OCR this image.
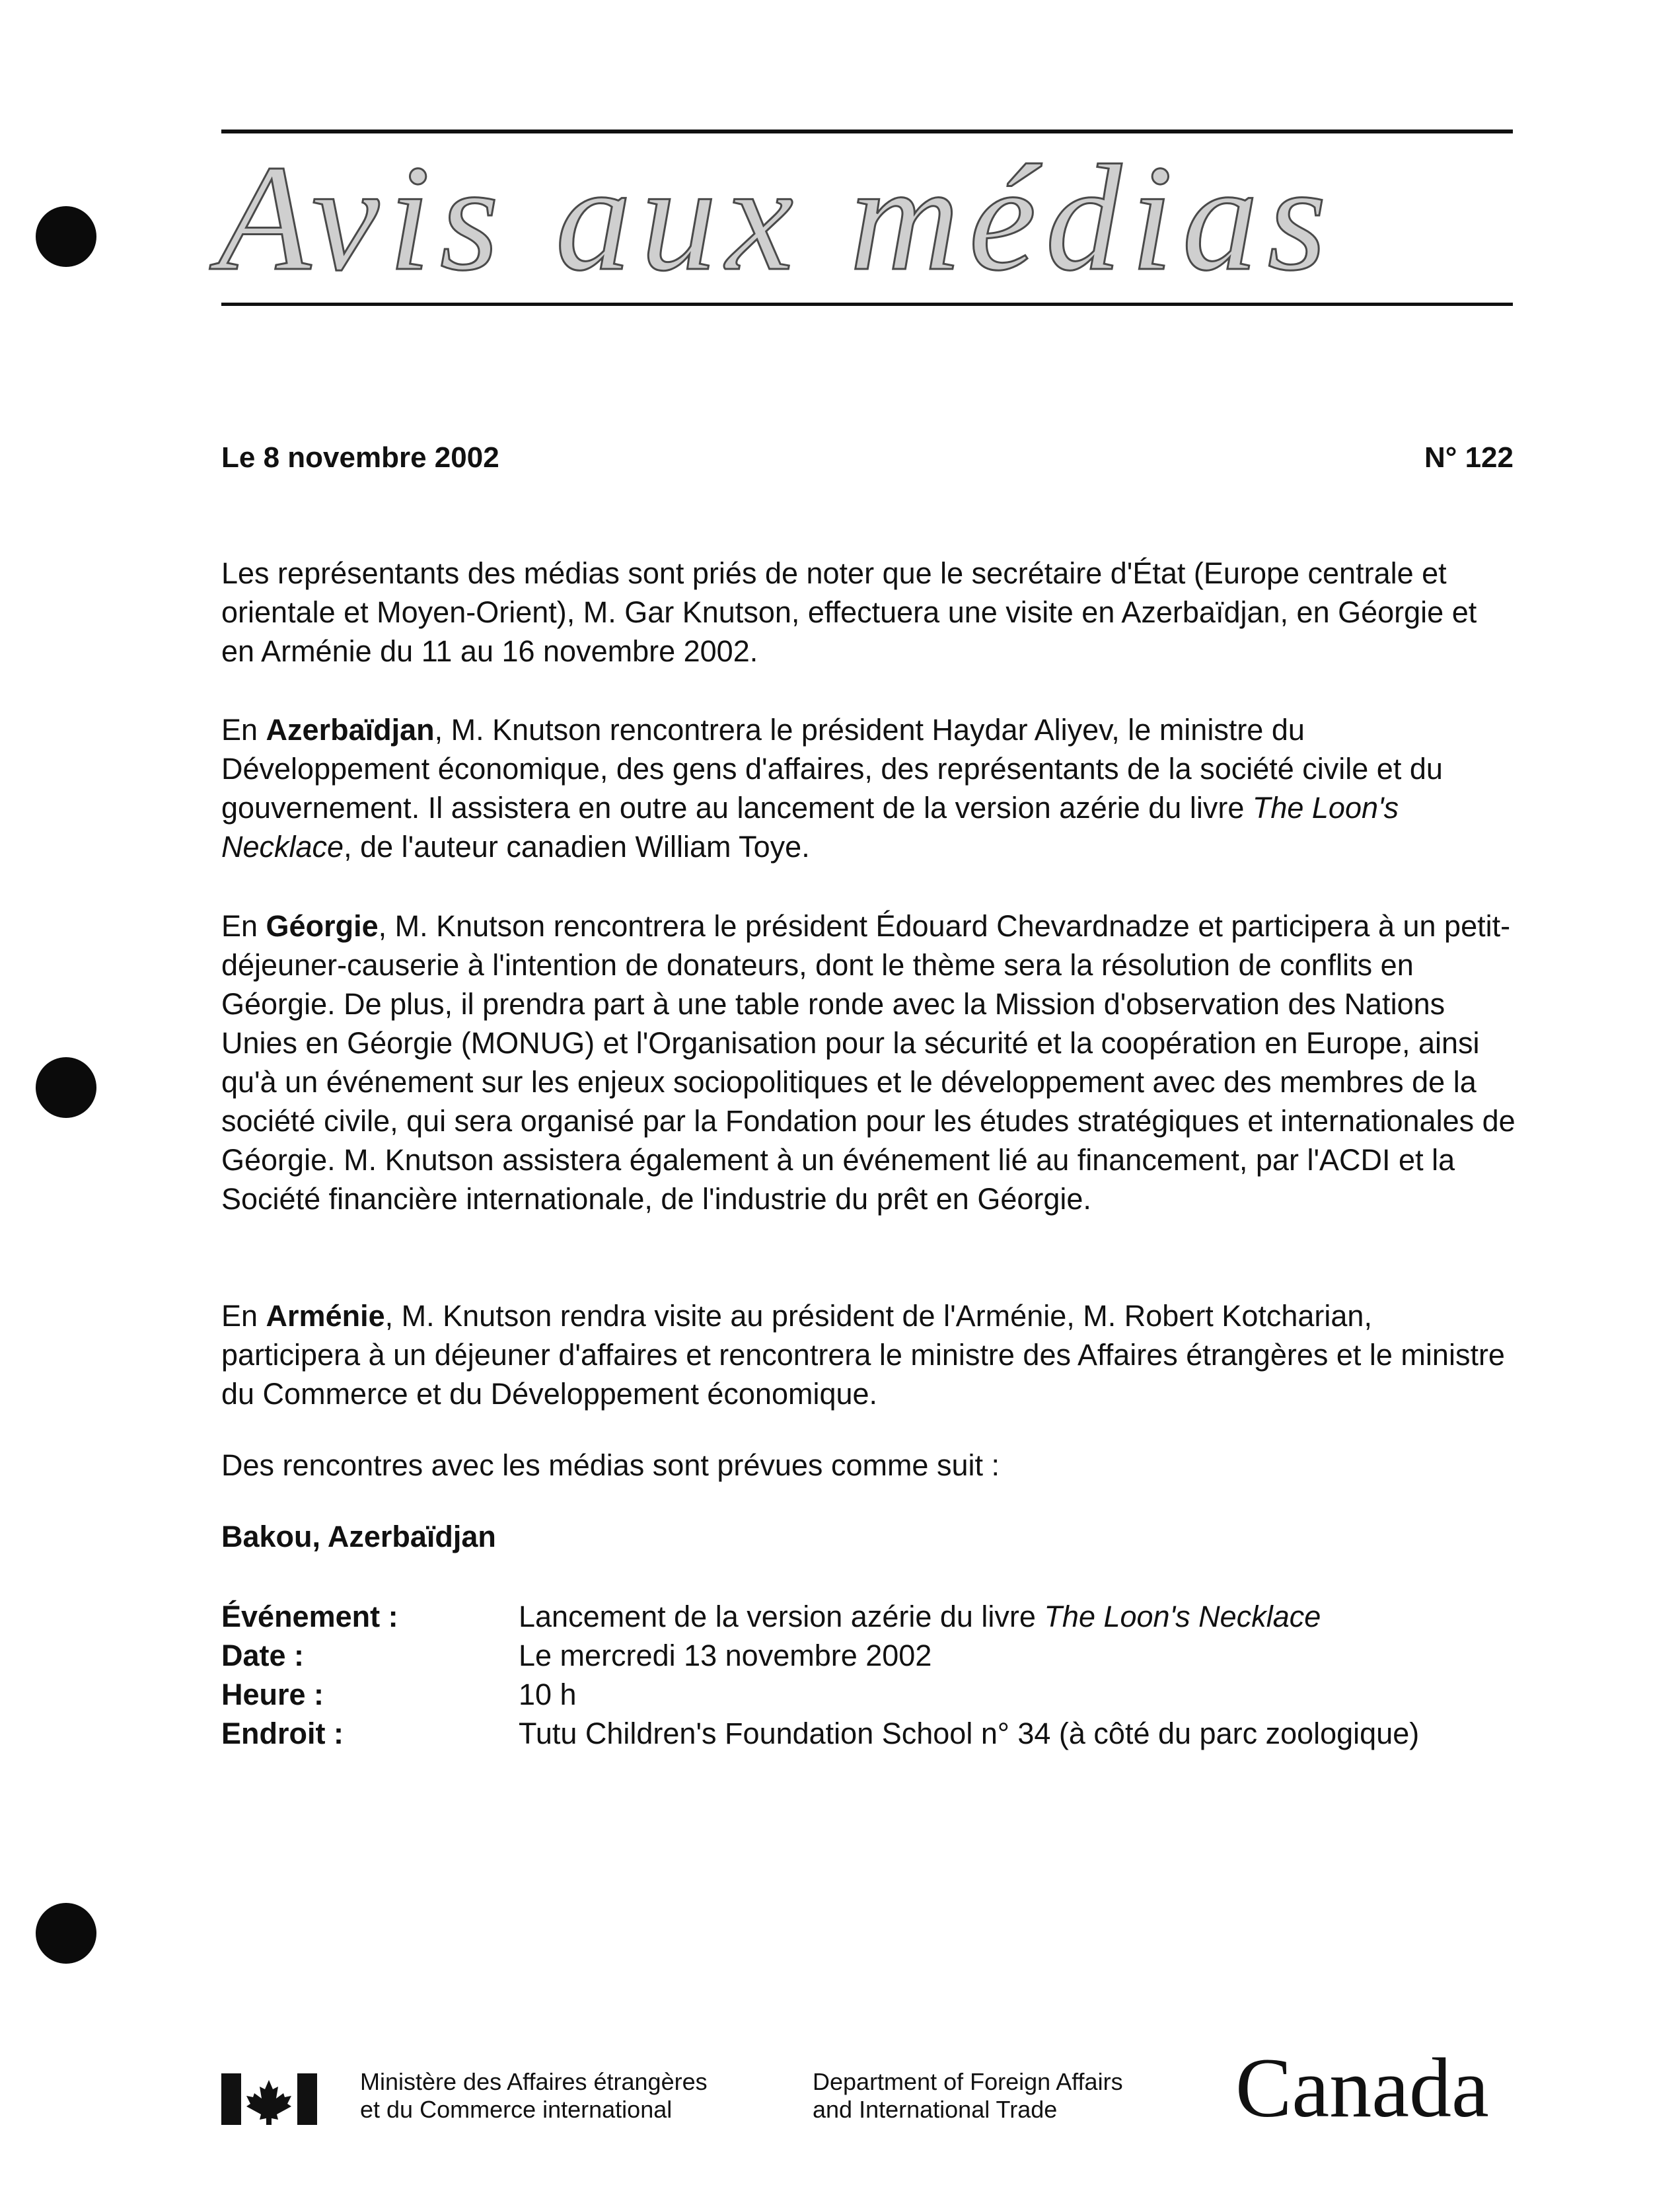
Avis aux médias
Le 8 novembre 2002	N° 122

Les représentants des médias sont priés de noter que le secrétaire d'État (Europe centrale et orientale et Moyen-Orient), M. Gar Knutson, effectuera une visite en Azerbaïdjan, en Géorgie et en Arménie du 11 au 16 novembre 2002.

En Azerbaïdjan, M. Knutson rencontrera le président Haydar Aliyev, le ministre du Développement économique, des gens d'affaires, des représentants de la société civile et du gouvernement. Il assistera en outre au lancement de la version azérie du livre The Loon's Necklace, de l'auteur canadien William Toye.

En Géorgie, M. Knutson rencontrera le président Édouard Chevardnadze et participera à un petit-déjeuner-causerie à l'intention de donateurs, dont le thème sera la résolution de conflits en Géorgie. De plus, il prendra part à une table ronde avec la Mission d'observation des Nations Unies en Géorgie (MONUG) et l'Organisation pour la sécurité et la coopération en Europe, ainsi qu'à un événement sur les enjeux sociopolitiques et le développement avec des membres de la société civile, qui sera organisé par la Fondation pour les études stratégiques et internationales de Géorgie. M. Knutson assistera également à un événement lié au financement, par l'ACDI et la Société financière internationale, de l'industrie du prêt en Géorgie.

En Arménie, M. Knutson rendra visite au président de l'Arménie, M. Robert Kotcharian, participera à un déjeuner d'affaires et rencontrera le ministre des Affaires étrangères et le ministre du Commerce et du Développement économique.

Des rencontres avec les médias sont prévues comme suit :

Bakou, Azerbaïdjan
Événement :	Lancement de la version azérie du livre The Loon's Necklace
Date :	Le mercredi 13 novembre 2002
Heure :	10 h
Endroit :	Tutu Children's Foundation School n° 34 (à côté du parc zoologique)
Ministère des Affaires étrangères
et du Commerce international
Department of Foreign Affairs
and International Trade	Canada
